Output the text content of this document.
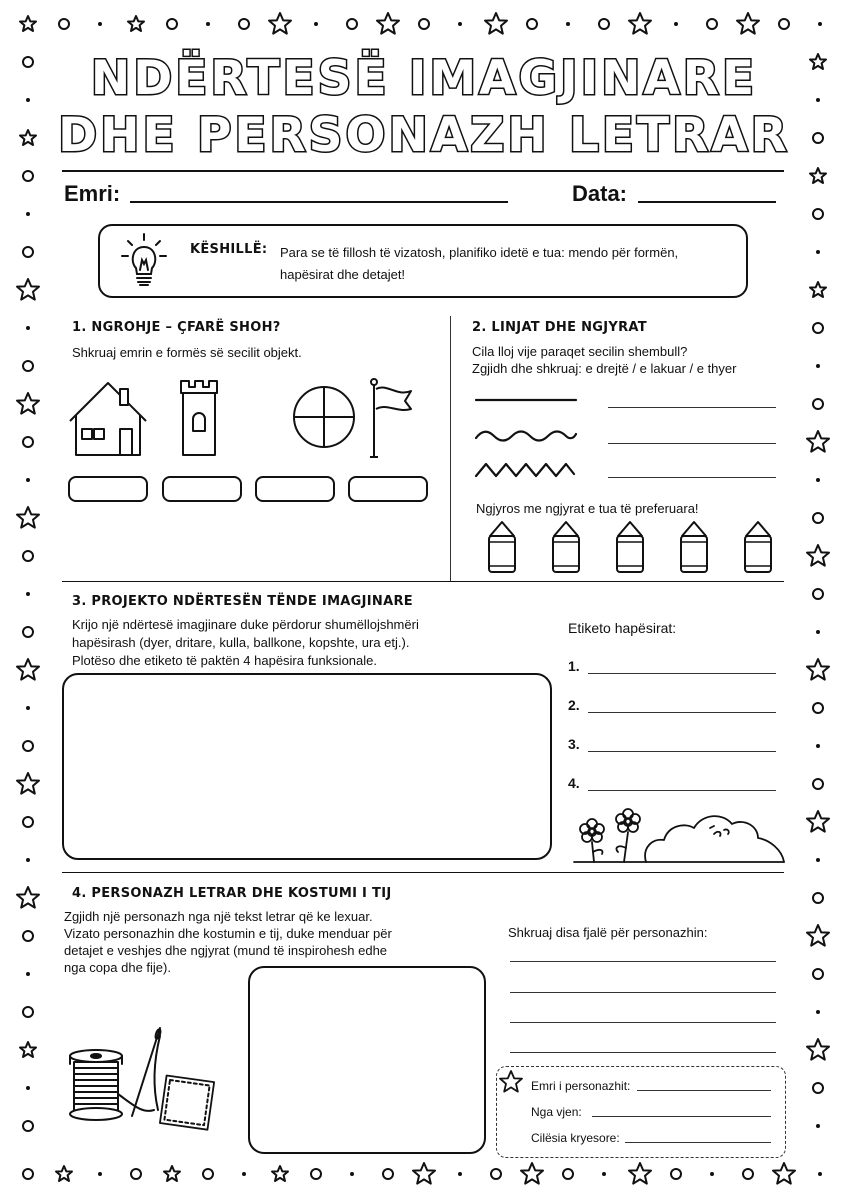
NDËRTESË IMAGJINARE
DHE PERSONAZH LETRAR
Emri:	Data:
KËSHILLË: Para se të fillosh të vizatosh, planifiko idetë e tua: mendo për formën,
hapësirat dhe detajet!
1. NGROHJE – ÇFARË SHOH?
Shkruaj emrin e formës së secilit objekt.
2. LINJAT DHE NGJYRAT
Cila lloj vije paraqet secilin shembull?
Zgjidh dhe shkruaj: e drejtë / e lakuar / e thyer
Ngjyros me ngjyrat e tua të preferuara!
3. PROJEKTO NDËRTESËN TËNDE IMAGJINARE
Krijo një ndërtesë imagjinare duke përdorur shumëllojshmëri
hapësirash (dyer, dritare, kulla, ballkone, kopshte, ura etj.).
Plotëso dhe etiketo të paktën 4 hapësira funksionale.
Etiketo hapësirat:
1.
2.
3.
4.
4. PERSONAZH LETRAR DHE KOSTUMI I TIJ
Zgjidh një personazh nga një tekst letrar që ke lexuar.
Vizato personazhin dhe kostumin e tij, duke menduar për
detajet e veshjes dhe ngjyrat (mund të inspirohesh edhe
nga copa dhe fije).
Shkruaj disa fjalë për personazhin:
Emri i personazhit:
Nga vjen:
Cilësia kryesore:
